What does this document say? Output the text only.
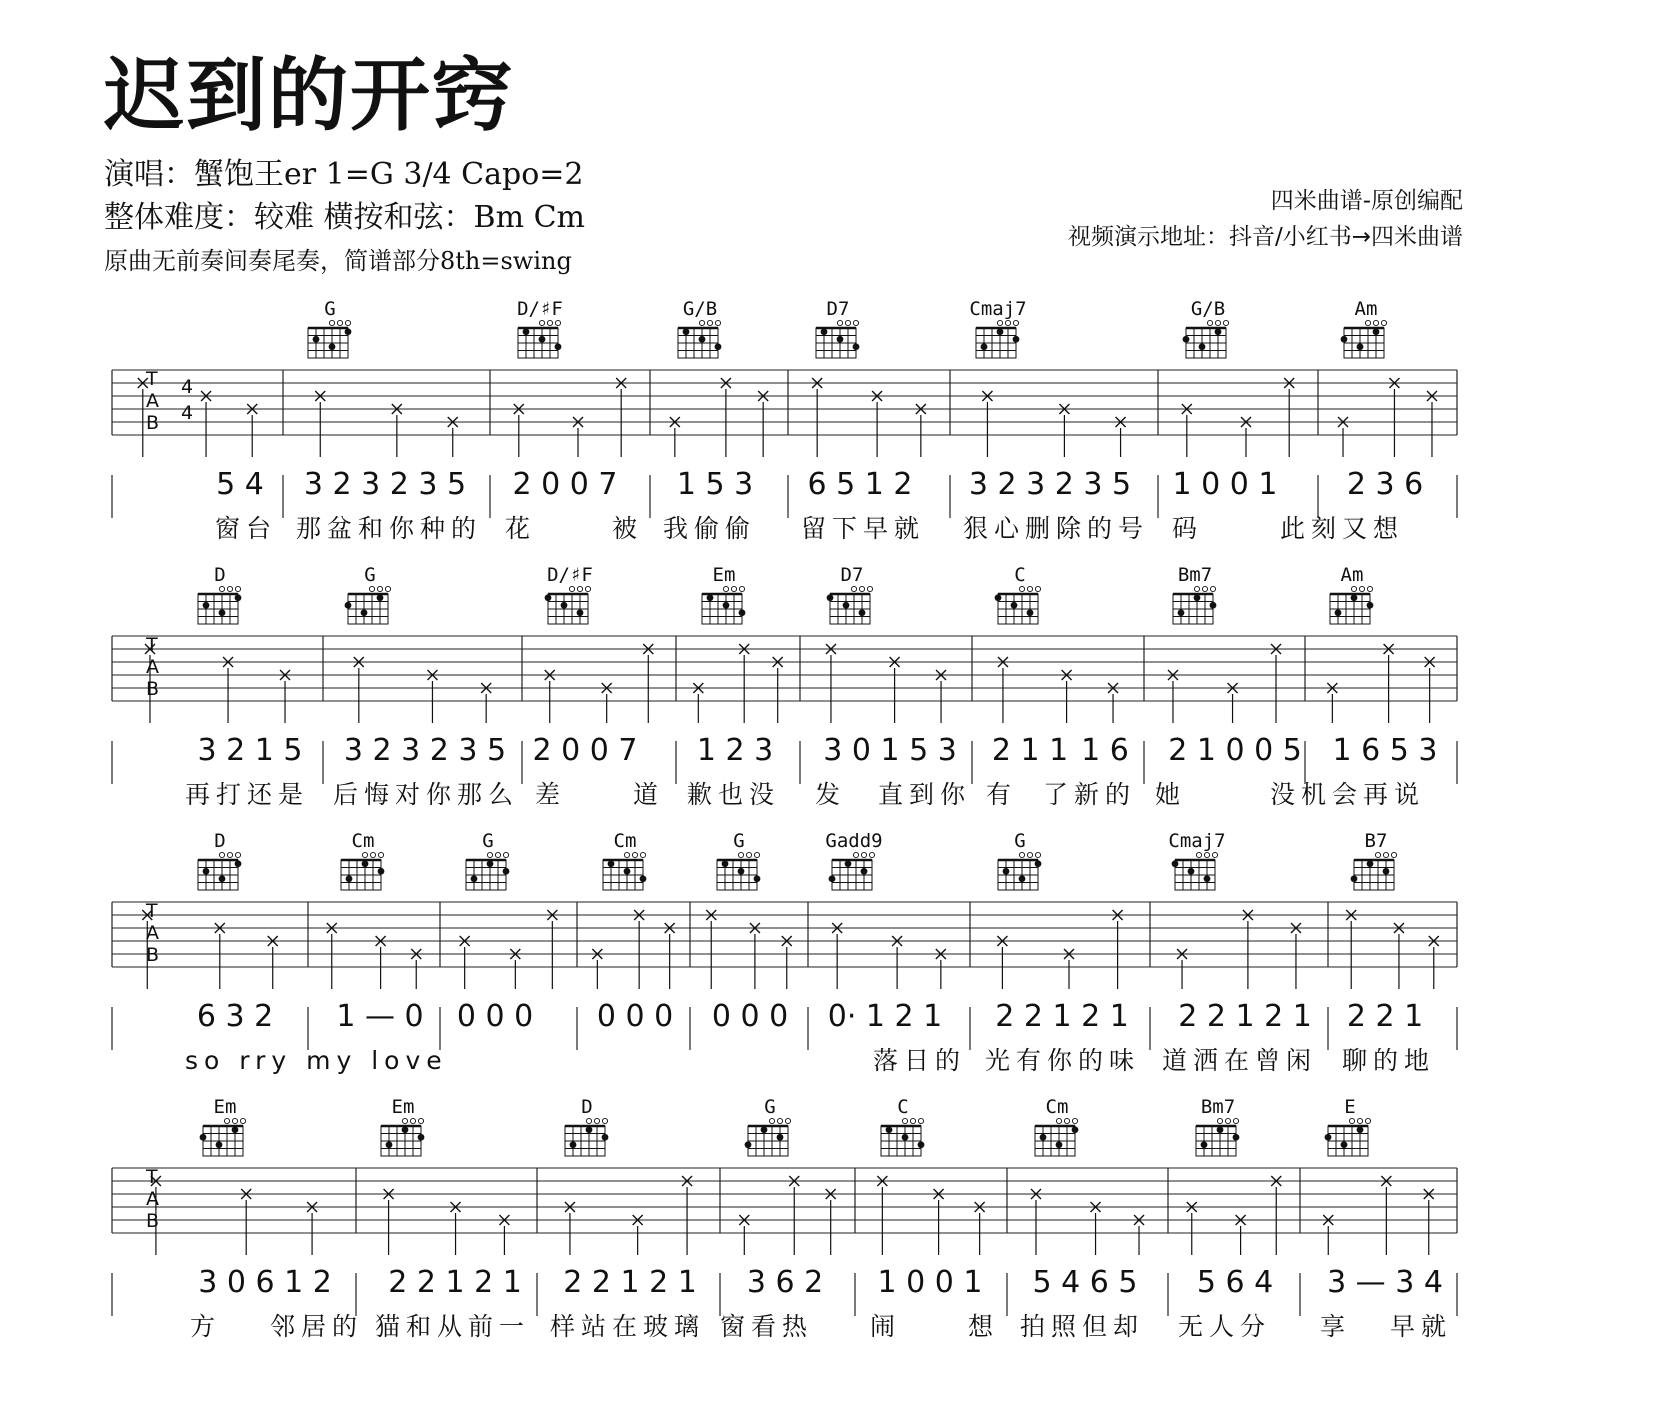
迟到的开窍
演唱：蟹饱王er 1=G 3/4 Capo=2
整体难度：较难 横按和弦：Bm Cm
原曲无前奏间奏尾奏，简谱部分8th=swing
四米曲谱-原创编配
视频演示地址：抖音/小红书→四米曲谱
G	D/♯F	G/B	D7	Cmaj7	G/B	Am
T
A
B
4
4
5 4 3 2 3 2 3 5 2 0 0 7 1 5 3 6 5 1 2 3 2 3 2 3 5 1 0 0 1 2 3 6
窗台 那盆和你种的 花	被 我偷偷 留下早就 狠心删除的号 码	此刻又想
D	G	D/♯F	Em	D7	C	Bm7	Am
T
A
B
3 2 1 5 3 2 3 2 3 5 2 0 0 7 1 2 3 3 0 1 5 3 2 1 1 1 6 2 1 0 0 5 1 6 5 3
再打还是 后悔对你那么 差	道 歉也没 发 直到你 有 了新的 她	没机会再说
D	Cm	G	Cm	G	Gadd9	G	Cmaj7	B7
T
A
B
6 3 2 1 — 0 0 0 0 0 0 0 0 0 0 0· 1 2 1 2 2 1 2 1 2 2 1 2 1 2 2 1
so rry my love	落日的 光有你的味 道洒在曾闲 聊的地
Em	Em	D	G	C	Cm	Bm7	E
T
A
B
3 0 6 1 2 2 2 1 2 1 2 2 1 2 1 3 6 2 1 0 0 1 5 4 6 5 5 6 4 3 — 3 4
方 邻居的 猫和从前一 样站在玻璃 窗看热 闹	想 拍照但却 无人分 享 早就
